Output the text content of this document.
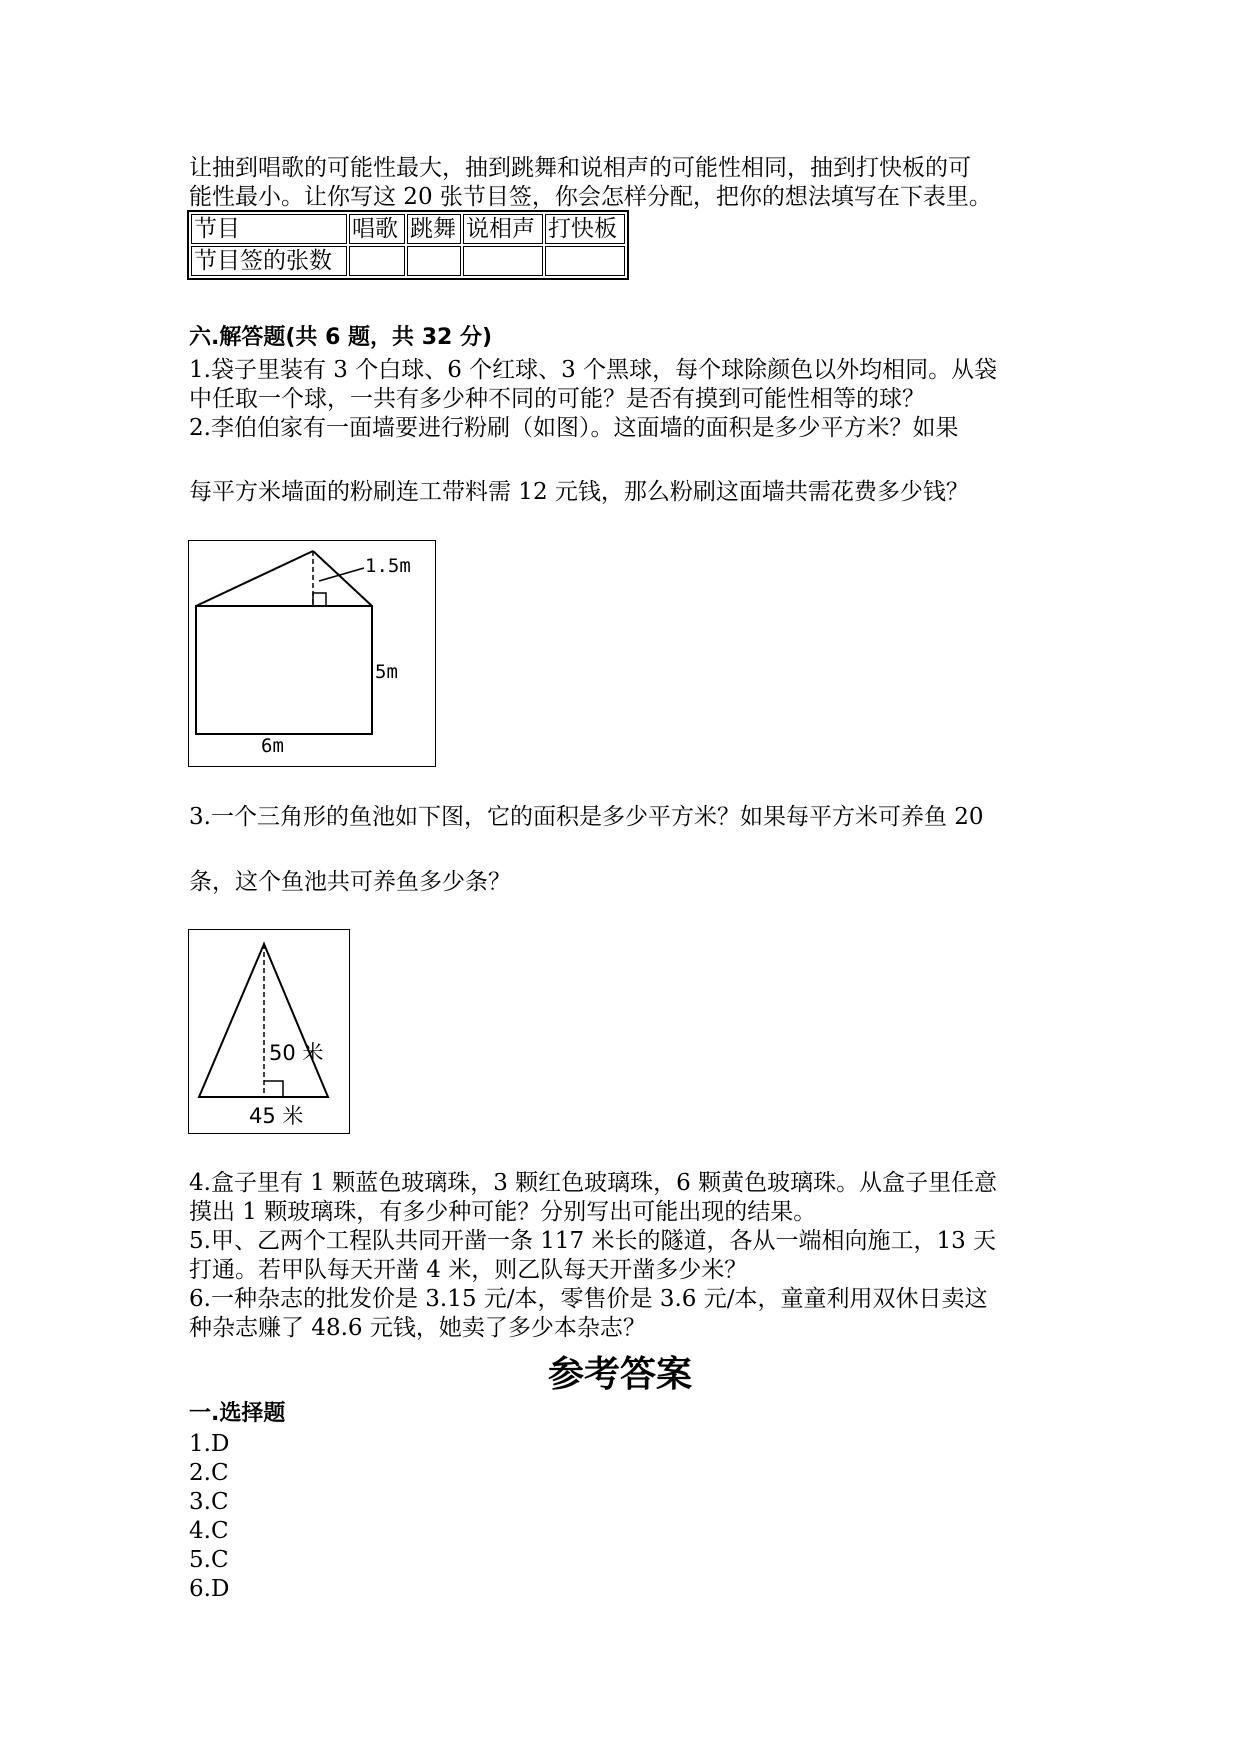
让抽到唱歌的可能性最大，抽到跳舞和说相声的可能性相同，抽到打快板的可
能性最小。让你写这 20 张节目签，你会怎样分配，把你的想法填写在下表里。
节目	唱歌	跳舞	说相声	打快板
节目签的张数				
六.解答题(共 6 题，共 32 分)
1.袋子里装有 3 个白球、6 个红球、3 个黑球，每个球除颜色以外均相同。从袋
中任取一个球，一共有多少种不同的可能？是否有摸到可能性相等的球？
2.李伯伯家有一面墙要进行粉刷（如图）。这面墙的面积是多少平方米？如果
每平方米墙面的粉刷连工带料需 12 元钱，那么粉刷这面墙共需花费多少钱？
1.5m
5m
6m
3.一个三角形的鱼池如下图，它的面积是多少平方米？如果每平方米可养鱼 20
条，这个鱼池共可养鱼多少条？
50 米
45 米
4.盒子里有 1 颗蓝色玻璃珠，3 颗红色玻璃珠，6 颗黄色玻璃珠。从盒子里任意
摸出 1 颗玻璃珠，有多少种可能？分别写出可能出现的结果。
5.甲、乙两个工程队共同开凿一条 117 米长的隧道，各从一端相向施工，13 天
打通。若甲队每天开凿 4 米，则乙队每天开凿多少米？
6.一种杂志的批发价是 3.15 元/本，零售价是 3.6 元/本，童童利用双休日卖这
种杂志赚了 48.6 元钱，她卖了多少本杂志？
参考答案
一.选择题
1.D
2.C
3.C
4.C
5.C
6.D
